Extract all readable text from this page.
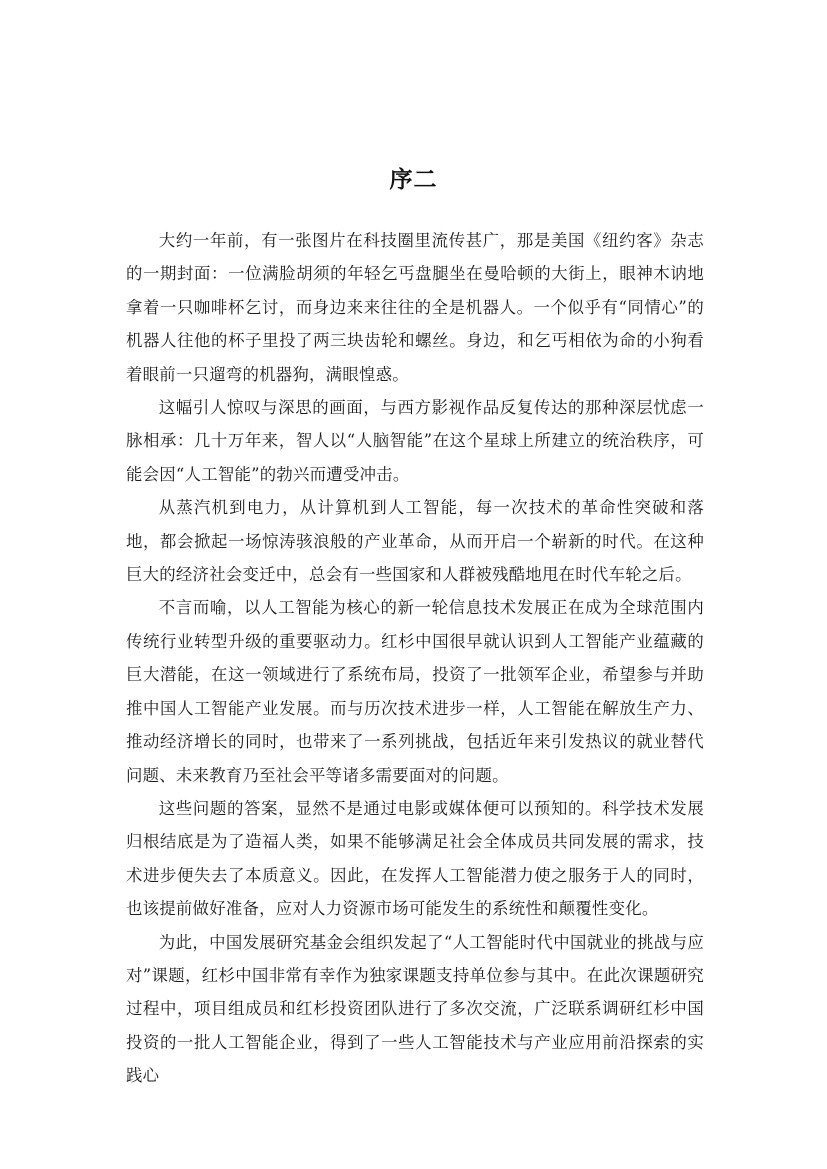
序二

大约一年前，有一张图片在科技圈里流传甚广，那是美国《纽约客》杂志的一期封面：一位满脸胡须的年轻乞丐盘腿坐在曼哈顿的大街上，眼神木讷地拿着一只咖啡杯乞讨，而身边来来往往的全是机器人。一个似乎有“同情心”的机器人往他的杯子里投了两三块齿轮和螺丝。身边，和乞丐相依为命的小狗看着眼前一只遛弯的机器狗，满眼惶惑。

这幅引人惊叹与深思的画面，与西方影视作品反复传达的那种深层忧虑一脉相承：几十万年来，智人以“人脑智能”在这个星球上所建立的统治秩序，可能会因“人工智能”的勃兴而遭受冲击。

从蒸汽机到电力，从计算机到人工智能，每一次技术的革命性突破和落地，都会掀起一场惊涛骇浪般的产业革命，从而开启一个崭新的时代。在这种巨大的经济社会变迁中，总会有一些国家和人群被残酷地甩在时代车轮之后。

不言而喻，以人工智能为核心的新一轮信息技术发展正在成为全球范围内传统行业转型升级的重要驱动力。红杉中国很早就认识到人工智能产业蕴藏的巨大潜能，在这一领域进行了系统布局，投资了一批领军企业，希望参与并助推中国人工智能产业发展。而与历次技术进步一样，人工智能在解放生产力、推动经济增长的同时，也带来了一系列挑战，包括近年来引发热议的就业替代问题、未来教育乃至社会平等诸多需要面对的问题。

这些问题的答案，显然不是通过电影或媒体便可以预知的。科学技术发展归根结底是为了造福人类，如果不能够满足社会全体成员共同发展的需求，技术进步便失去了本质意义。因此，在发挥人工智能潜力使之服务于人的同时，也该提前做好准备，应对人力资源市场可能发生的系统性和颠覆性变化。

为此，中国发展研究基金会组织发起了“人工智能时代中国就业的挑战与应对”课题，红杉中国非常有幸作为独家课题支持单位参与其中。在此次课题研究过程中，项目组成员和红杉投资团队进行了多次交流，广泛联系调研红杉中国投资的一批人工智能企业，得到了一些人工智能技术与产业应用前沿探索的实践心
